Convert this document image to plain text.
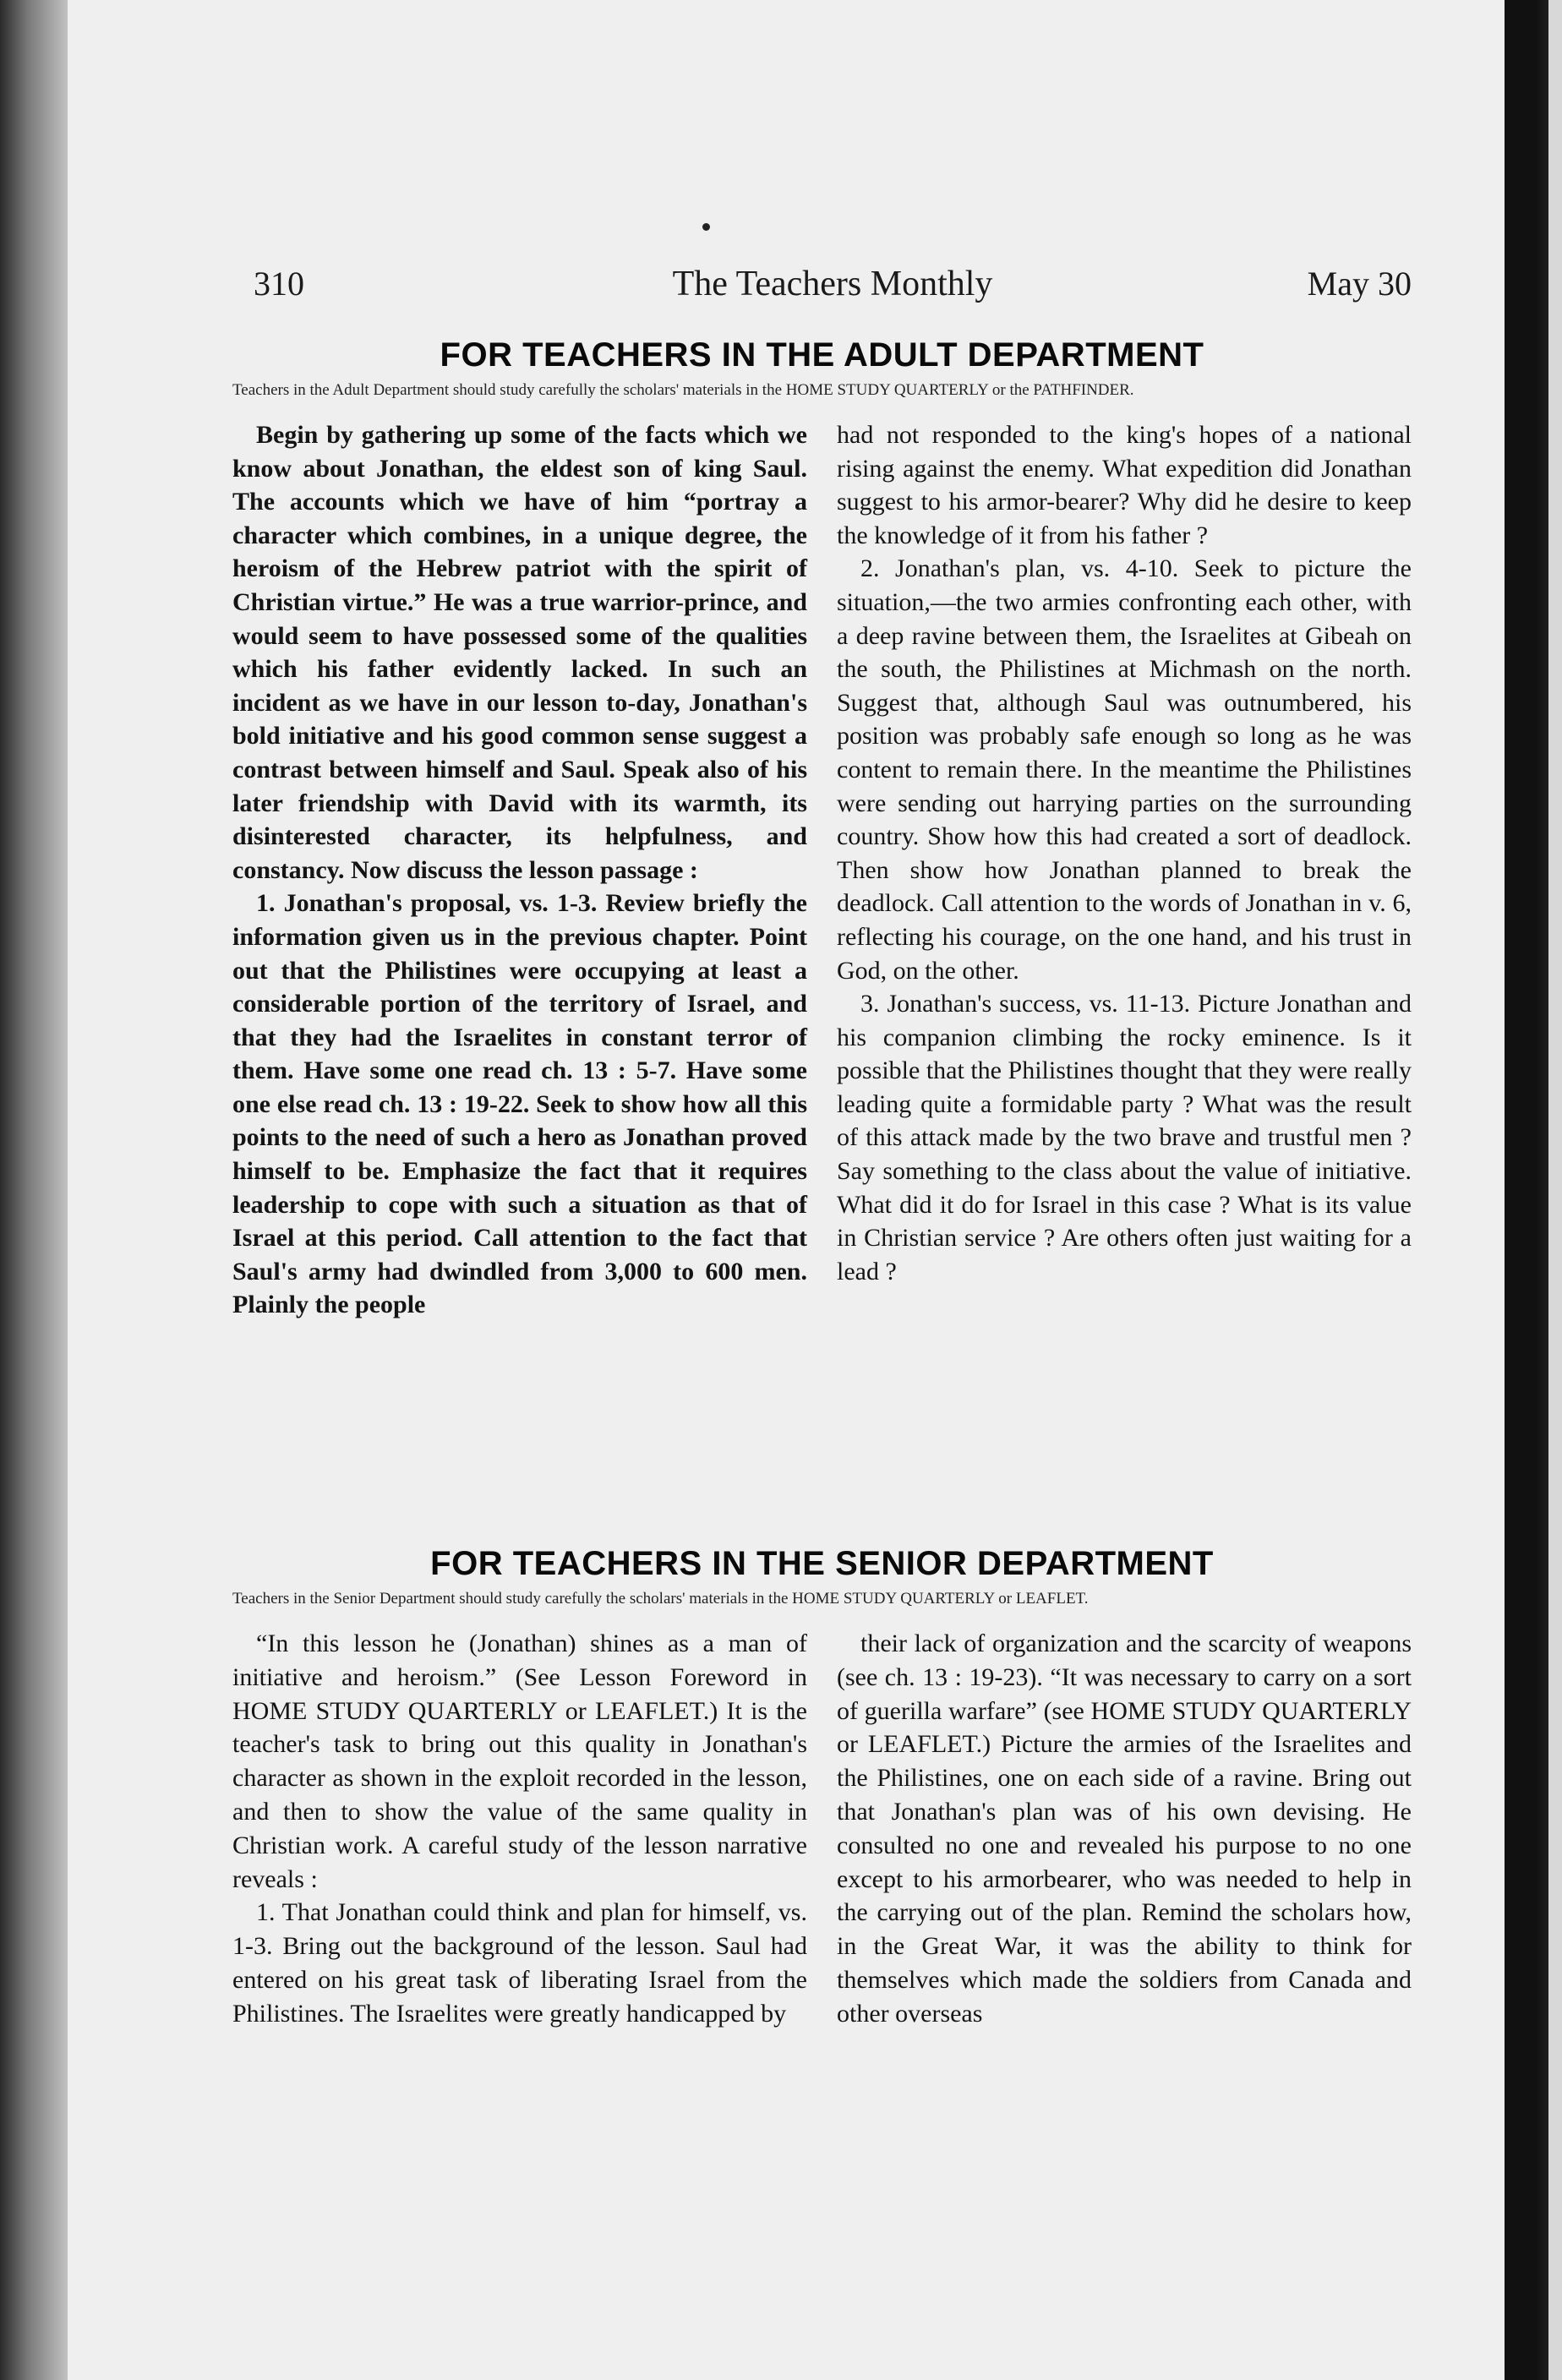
310	The Teachers Monthly	May 30
FOR TEACHERS IN THE ADULT DEPARTMENT

Teachers in the Adult Department should study carefully the scholars' materials in the HOME STUDY QUARTERLY or the PATHFINDER.

Begin by gathering up some of the facts which we know about Jonathan, the eldest son of king Saul. The accounts which we have of him “portray a character which combines, in a unique degree, the heroism of the Hebrew patriot with the spirit of Christian virtue.” He was a true warrior-prince, and would seem to have possessed some of the qualities which his father evidently lacked. In such an incident as we have in our lesson to-day, Jonathan's bold initiative and his good common sense suggest a contrast between himself and Saul. Speak also of his later friendship with David with its warmth, its disinterested character, its helpfulness, and constancy. Now discuss the lesson passage :

1. Jonathan's proposal, vs. 1-3. Review briefly the information given us in the previous chapter. Point out that the Philistines were occupying at least a considerable portion of the territory of Israel, and that they had the Israelites in constant terror of them. Have some one read ch. 13 : 5-7. Have some one else read ch. 13 : 19-22. Seek to show how all this points to the need of such a hero as Jonathan proved himself to be. Emphasize the fact that it requires leadership to cope with such a situation as that of Israel at this period. Call attention to the fact that Saul's army had dwindled from 3,000 to 600 men. Plainly the people

had not responded to the king's hopes of a national rising against the enemy. What expedition did Jonathan suggest to his armor-bearer? Why did he desire to keep the knowledge of it from his father ?

2. Jonathan's plan, vs. 4-10. Seek to picture the situation,—the two armies confronting each other, with a deep ravine between them, the Israelites at Gibeah on the south, the Philistines at Michmash on the north. Suggest that, although Saul was outnumbered, his position was probably safe enough so long as he was content to remain there. In the meantime the Philistines were sending out harrying parties on the surrounding country. Show how this had created a sort of deadlock. Then show how Jonathan planned to break the deadlock. Call attention to the words of Jonathan in v. 6, reflecting his courage, on the one hand, and his trust in God, on the other.

3. Jonathan's success, vs. 11-13. Picture Jonathan and his companion climbing the rocky eminence. Is it possible that the Philistines thought that they were really leading quite a formidable party ? What was the result of this attack made by the two brave and trustful men ? Say something to the class about the value of initiative. What did it do for Israel in this case ? What is its value in Christian service ? Are others often just waiting for a lead ?

FOR TEACHERS IN THE SENIOR DEPARTMENT

Teachers in the Senior Department should study carefully the scholars' materials in the HOME STUDY QUARTERLY or LEAFLET.

“In this lesson he (Jonathan) shines as a man of initiative and heroism.” (See Lesson Foreword in HOME STUDY QUARTERLY or LEAFLET.) It is the teacher's task to bring out this quality in Jonathan's character as shown in the exploit recorded in the lesson, and then to show the value of the same quality in Christian work. A careful study of the lesson narrative reveals :

1. That Jonathan could think and plan for himself, vs. 1-3. Bring out the background of the lesson. Saul had entered on his great task of liberating Israel from the Philistines. The Israelites were greatly handicapped by

their lack of organization and the scarcity of weapons (see ch. 13 : 19-23). “It was necessary to carry on a sort of guerilla warfare” (see HOME STUDY QUARTERLY or LEAFLET.) Picture the armies of the Israelites and the Philistines, one on each side of a ravine. Bring out that Jonathan's plan was of his own devising. He consulted no one and revealed his purpose to no one except to his armorbearer, who was needed to help in the carrying out of the plan. Remind the scholars how, in the Great War, it was the ability to think for themselves which made the soldiers from Canada and other overseas
